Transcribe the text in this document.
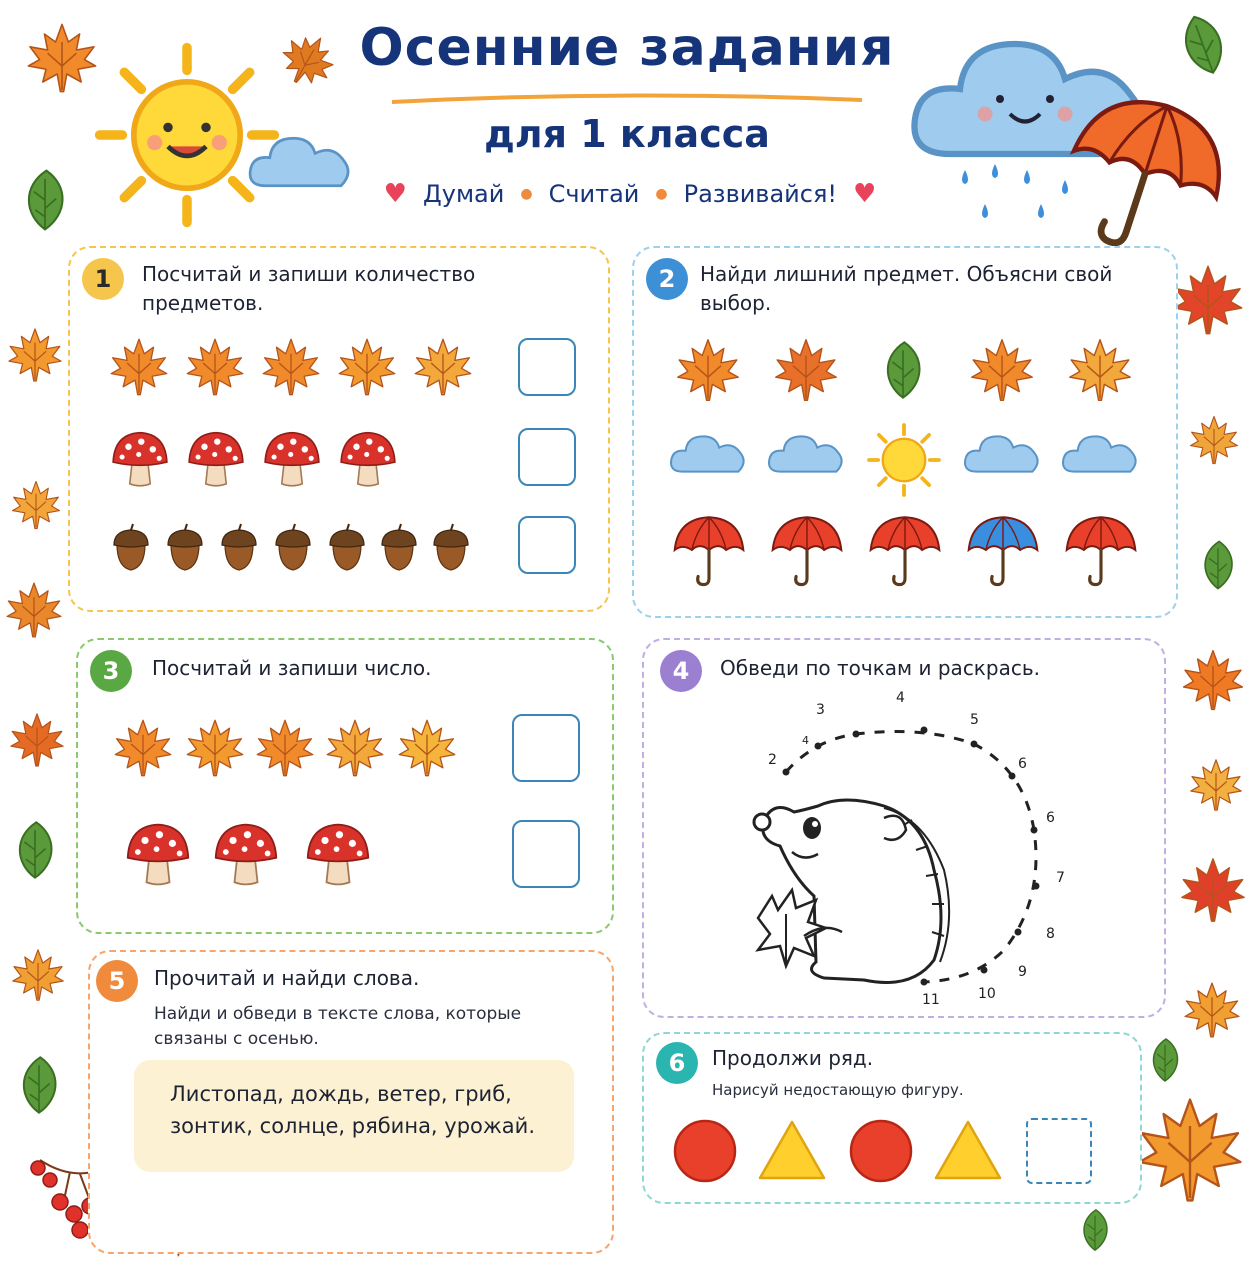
Осенние задания
для 1 класса
♥ Думай ● Считай ● Развивайся! ♥
1	Посчитай и запиши количество предметов.
2	Найди лишний предмет. Объясни свой выбор.
3	Посчитай и запиши число.	4	Обведи по точкам и раскрась.
3
4
5
2
4
6
6
7
8
9
10
11
5	Прочитай и найди слова.
Найди и обведи в тексте слова, которые связаны с осенью.
Листопад, дождь, ветер, гриб,
зонтик, солнце, рябина, урожай.
6	Продолжи ряд.
Нарисуй недостающую фигуру.
